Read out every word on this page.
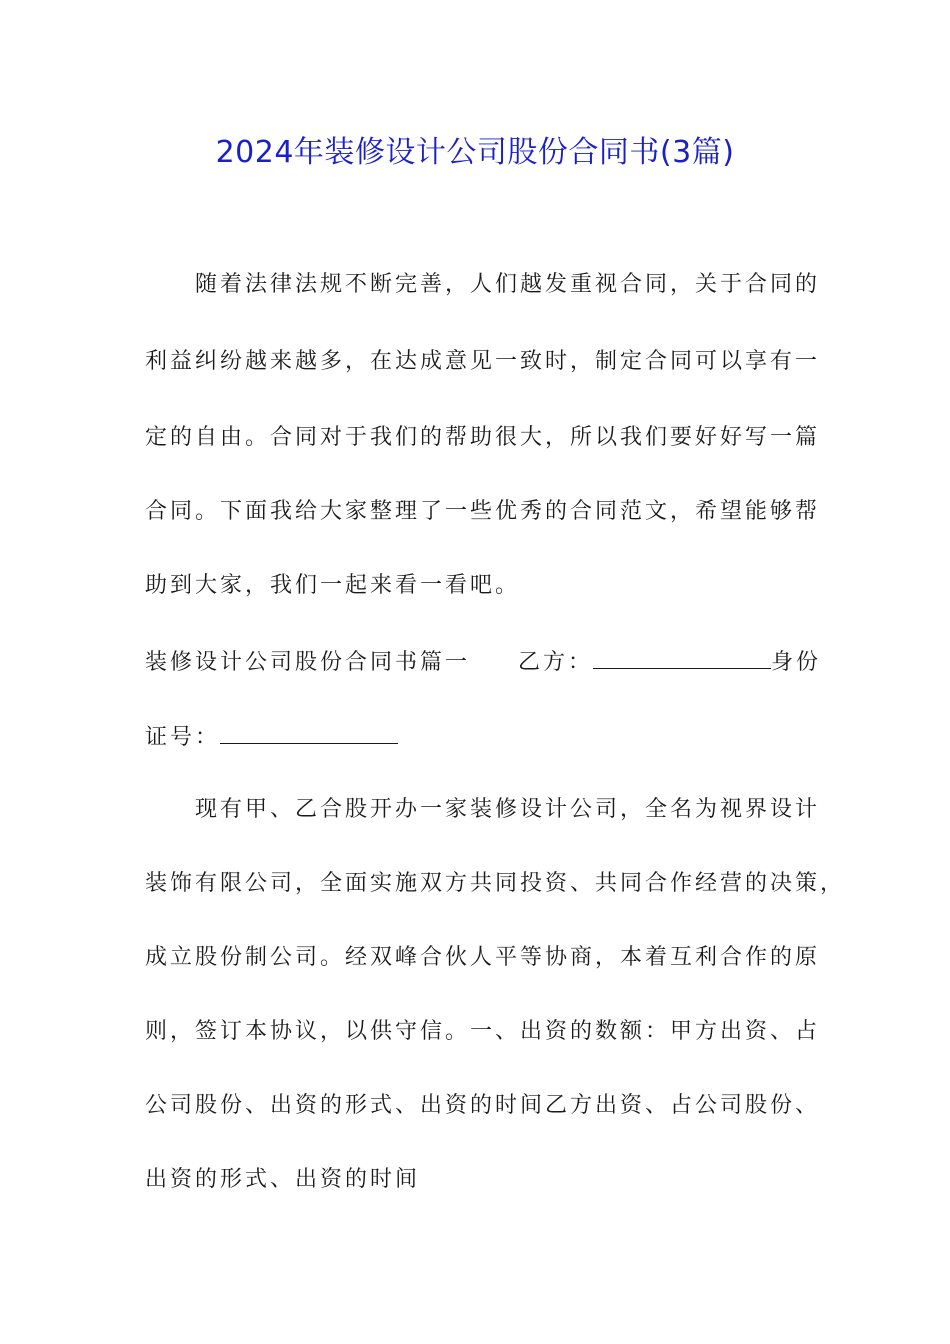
2024年装修设计公司股份合同书(3篇)
随着法律法规不断完善，人们越发重视合同，关于合同的
利益纠纷越来越多，在达成意见一致时，制定合同可以享有一
定的自由。合同对于我们的帮助很大，所以我们要好好写一篇
合同。下面我给大家整理了一些优秀的合同范文，希望能够帮
助到大家，我们一起来看一看吧。
装修设计公司股份合同书篇一 乙方：	身份
证号：
现有甲、乙合股开办一家装修设计公司，全名为视界设计
装饰有限公司，全面实施双方共同投资、共同合作经营的决策，
成立股份制公司。经双峰合伙人平等协商，本着互利合作的原
则，签订本协议，以供守信。一、出资的数额：甲方出资、占
公司股份、出资的形式、出资的时间乙方出资、占公司股份、
出资的形式、出资的时间
